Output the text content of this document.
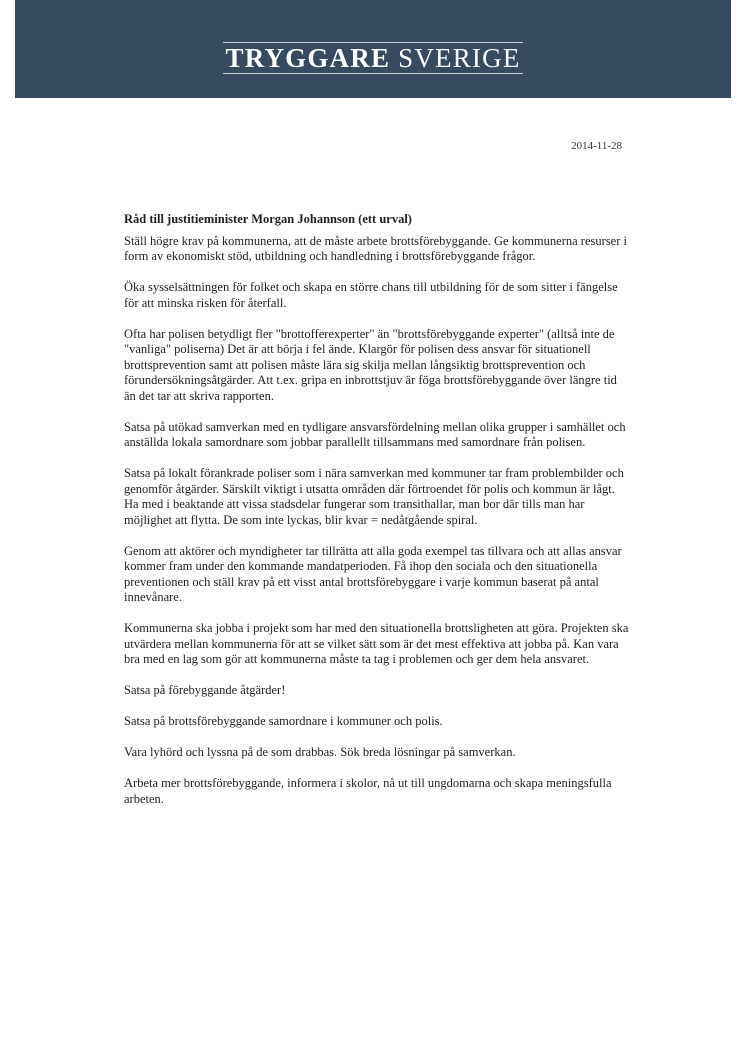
TRYGGARE SVERIGE
2014-11-28
Råd till justitieminister Morgan Johannson (ett urval)

Ställ högre krav på kommunerna, att de måste arbete brottsförebyggande. Ge kommunerna resurser i form av ekonomiskt stöd, utbildning och handledning i brottsförebyggande frågor.

Öka sysselsättningen för folket och skapa en större chans till utbildning för de som sitter i fängelse för att minska risken för återfall.

Ofta har polisen betydligt fler "brottofferexperter" än "brottsförebyggande experter" (alltså inte de "vanliga" poliserna) Det är att börja i fel ände. Klargör för polisen dess ansvar för situationell brottsprevention samt att polisen måste lära sig skilja mellan långsiktig brottsprevention och förundersökningsåtgärder. Att t.ex. gripa en inbrottstjuv är föga brottsförebyggande över längre tid än det tar att skriva rapporten.

Satsa på utökad samverkan med en tydligare ansvarsfördelning mellan olika grupper i samhället och anställda lokala samordnare som jobbar parallellt tillsammans med samordnare från polisen.

Satsa på lokalt förankrade poliser som i nära samverkan med kommuner tar fram problembilder och genomför åtgärder. Särskilt viktigt i utsatta områden där förtroendet för polis och kommun är lågt. Ha med i beaktande att vissa stadsdelar fungerar som transithallar, man bor där tills man har möjlighet att flytta. De som inte lyckas, blir kvar = nedåtgående spiral.

Genom att aktörer och myndigheter tar tillrätta att alla goda exempel tas tillvara och att allas ansvar kommer fram under den kommande mandatperioden. Få ihop den sociala och den situationella preventionen och ställ krav på ett visst antal brottsförebyggare i varje kommun baserat på antal innevånare.

Kommunerna ska jobba i projekt som har med den situationella brottsligheten att göra. Projekten ska utvärdera mellan kommunerna för att se vilket sätt som är det mest effektiva att jobba på. Kan vara bra med en lag som gör att kommunerna måste ta tag i problemen och ger dem hela ansvaret.

Satsa på förebyggande åtgärder!

Satsa på brottsförebyggande samordnare i kommuner och polis.

Vara lyhörd och lyssna på de som drabbas. Sök breda lösningar på samverkan.

Arbeta mer brottsförebyggande, informera i skolor, nå ut till ungdomarna och skapa meningsfulla arbeten.
